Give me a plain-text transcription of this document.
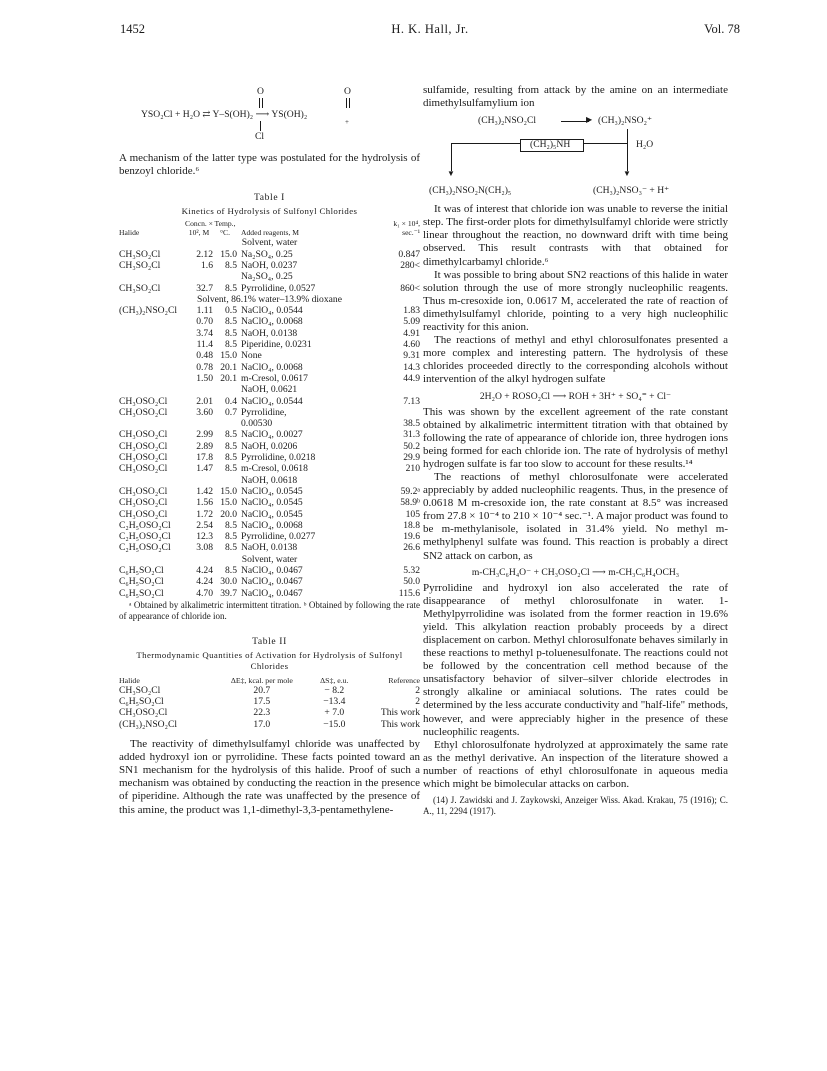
1452	H. K. Hall, Jr.	Vol. 78
O	O
YSO₂Cl + H₂O ⇄ Y–S(OH)₂ ⟶ YS(OH)₂
+
Cl

A mechanism of the latter type was postulated for the hydrolysis of benzoyl chloride.⁶

Table I

Kinetics of Hydrolysis of Sulfonyl Chlorides

Halide	Concn. × 10², M	Temp., °C.	Added reagents, M	k₁ × 10⁴, sec.⁻¹
Solvent, water				
CH₃SO₂Cl	2.12	15.0	Na₂SO₄, 0.25	0.847
CH₃SO₂Cl	1.6	8.5	NaOH, 0.0237	280<
			Na₂SO₄, 0.25	
CH₃SO₂Cl	32.7	8.5	Pyrrolidine, 0.0527	860<
Solvent, 86.1% water–13.9% dioxane				
(CH₃)₂NSO₂Cl	1.11	0.5	NaClO₄, 0.0544	1.83
	0.70	8.5	NaClO₄, 0.0068	5.09
	3.74	8.5	NaOH, 0.0138	4.91
	11.4	8.5	Piperidine, 0.0231	4.60
	0.48	15.0	None	9.31
	0.78	20.1	NaClO₄, 0.0068	14.3
	1.50	20.1	m-Cresol, 0.0617	44.9
			NaOH, 0.0621	
CH₃OSO₂Cl	2.01	0.4	NaClO₄, 0.0544	7.13
CH₃OSO₂Cl	3.60	0.7	Pyrrolidine,	
			0.00530	38.5
CH₃OSO₂Cl	2.99	8.5	NaClO₄, 0.0027	31.3
CH₃OSO₂Cl	2.89	8.5	NaOH, 0.0206	50.2
CH₃OSO₂Cl	17.8	8.5	Pyrrolidine, 0.0218	29.9
CH₃OSO₂Cl	1.47	8.5	m-Cresol, 0.0618	210
			NaOH, 0.0618	
CH₃OSO₂Cl	1.42	15.0	NaClO₄, 0.0545	59.2ᵃ
CH₃OSO₂Cl	1.56	15.0	NaClO₄, 0.0545	58.9ᵇ
CH₃OSO₂Cl	1.72	20.0	NaClO₄, 0.0545	105
C₂H₅OSO₂Cl	2.54	8.5	NaClO₄, 0.0068	18.8
C₂H₅OSO₂Cl	12.3	8.5	Pyrrolidine, 0.0277	19.6
C₂H₅OSO₂Cl	3.08	8.5	NaOH, 0.0138	26.6
Solvent, water				
C₆H₅SO₂Cl	4.24	8.5	NaClO₄, 0.0467	5.32
C₆H₅SO₂Cl	4.24	30.0	NaClO₄, 0.0467	50.0
C₆H₅SO₂Cl	4.70	39.7	NaClO₄, 0.0467	115.6

ᵃ Obtained by alkalimetric intermittent titration. ᵇ Obtained by following the rate of appearance of chloride ion.

Table II

Thermodynamic Quantities of Activation for Hydrolysis of Sulfonyl Chlorides

Halide	ΔE‡, kcal. per mole	ΔS‡, e.u.	Reference
CH₃SO₂Cl	20.7	− 8.2	2
C₆H₅SO₂Cl	17.5	−13.4	2
CH₃OSO₂Cl	22.3	+ 7.0	This work
(CH₃)₂NSO₂Cl	17.0	−15.0	This work

The reactivity of dimethylsulfamyl chloride was unaffected by added hydroxyl ion or pyrrolidine. These facts pointed toward an SN1 mechanism for the hydrolysis of this halide. Proof of such a mechanism was obtained by conducting the reaction in the presence of piperidine. Although the rate was unaffected by the presence of this amine, the product was 1,1-dimethyl-3,3-pentamethylene-

sulfamide, resulting from attack by the amine on an intermediate dimethylsulfamylium ion

(CH₃)₂NSO₂Cl	▶ (CH₃)₂NSO₂⁺
▼	▼
(CH₂)₅NH	H₂O
(CH₃)₂NSO₂N(CH₂)₅	(CH₃)₂NSO₃⁻ + H⁺

It was of interest that chloride ion was unable to reverse the initial step. The first-order plots for dimethylsulfamyl chloride were strictly linear throughout the reaction, no downward drift with time being observed. This result contrasts with that obtained for dimethylcarbamyl chloride.⁶

It was possible to bring about SN2 reactions of this halide in water solution through the use of more strongly nucleophilic reagents. Thus m-cresoxide ion, 0.0617 M, accelerated the rate of reaction of dimethylsulfamyl chloride, pointing to a very high nucleophilic reactivity for this anion.

The reactions of methyl and ethyl chlorosulfonates presented a more complex and interesting pattern. The hydrolysis of these chlorides proceeded directly to the corresponding alcohols without intervention of the alkyl hydrogen sulfate

2H₂O + ROSO₂Cl ⟶ ROH + 3H⁺ + SO₄⁼ + Cl⁻

This was shown by the excellent agreement of the rate constant obtained by alkalimetric intermittent titration with that obtained by following the rate of appearance of chloride ion, three hydrogen ions being formed for each chloride ion. The rate of hydrolysis of methyl hydrogen sulfate is far too slow to account for these results.¹⁴

The reactions of methyl chlorosulfonate were accelerated appreciably by added nucleophilic reagents. Thus, in the presence of 0.0618 M m-cresoxide ion, the rate constant at 8.5° was increased from 27.8 × 10⁻⁴ to 210 × 10⁻⁴ sec.⁻¹. A major product was found to be m-methylanisole, isolated in 31.4% yield. No methyl m-methylphenyl sulfate was found. This reaction is probably a direct SN2 attack on carbon, as

m-CH₃C₆H₄O⁻ + CH₃OSO₂Cl ⟶ m-CH₃C₆H₄OCH₃

Pyrrolidine and hydroxyl ion also accelerated the rate of disappearance of methyl chlorosulfonate in water. 1-Methylpyrrolidine was isolated from the former reaction in 19.6% yield. This alkylation reaction probably proceeds by a direct displacement on carbon. Methyl chlorosulfonate behaves similarly in these reactions to methyl p-toluenesulfonate. The reactions could not be followed by the concentration cell method because of the unsatisfactory behavior of silver–silver chloride electrodes in strongly alkaline or aminiacal solutions. The rates could be determined by the less accurate conductivity and "half-life" methods, however, and were appreciably higher in the presence of these nucleophilic reagents.

Ethyl chlorosulfonate hydrolyzed at approximately the same rate as the methyl derivative. An inspection of the literature showed a number of reactions of ethyl chlorosulfonate in aqueous media which might be bimolecular attacks on carbon.

(14) J. Zawidski and J. Zaykowski, Anzeiger Wiss. Akad. Krakau, 75 (1916); C. A., 11, 2294 (1917).
